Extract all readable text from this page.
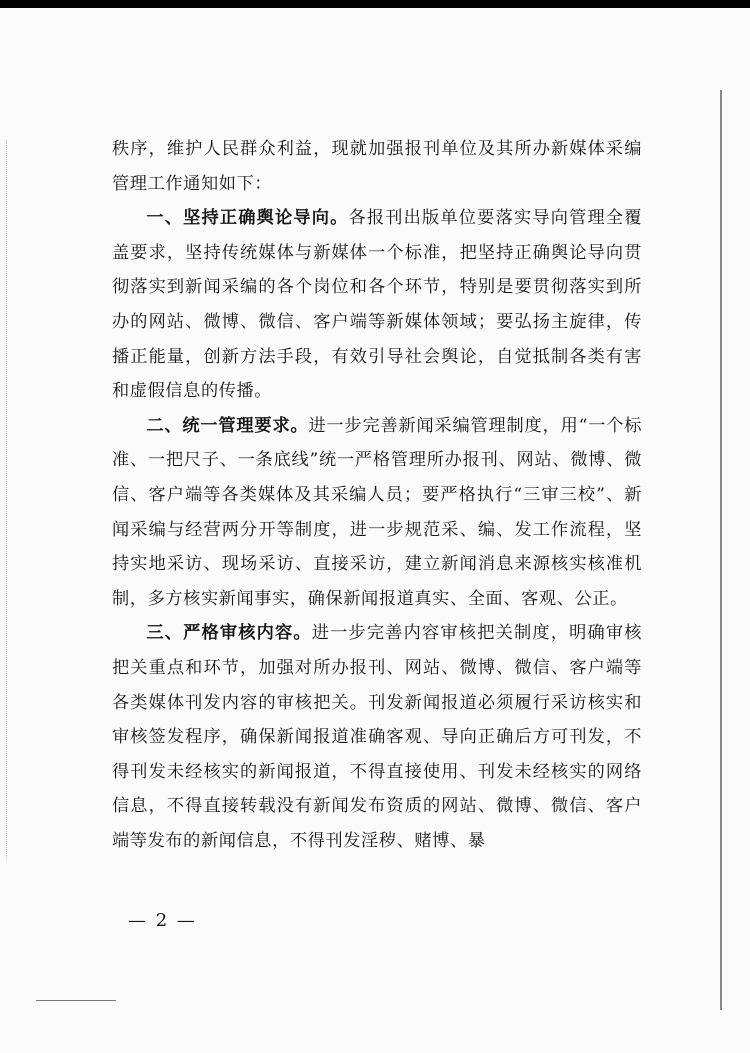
秩序，维护人民群众利益，现就加强报刊单位及其所办新媒体采编管理工作通知如下：

一、坚持正确舆论导向。各报刊出版单位要落实导向管理全覆盖要求，坚持传统媒体与新媒体一个标准，把坚持正确舆论导向贯彻落实到新闻采编的各个岗位和各个环节，特别是要贯彻落实到所办的网站、微博、微信、客户端等新媒体领域；要弘扬主旋律，传播正能量，创新方法手段，有效引导社会舆论，自觉抵制各类有害和虚假信息的传播。

二、统一管理要求。进一步完善新闻采编管理制度，用“一个标准、一把尺子、一条底线”统一严格管理所办报刊、网站、微博、微信、客户端等各类媒体及其采编人员；要严格执行“三审三校”、新闻采编与经营两分开等制度，进一步规范采、编、发工作流程，坚持实地采访、现场采访、直接采访，建立新闻消息来源核实核准机制，多方核实新闻事实，确保新闻报道真实、全面、客观、公正。

三、严格审核内容。进一步完善内容审核把关制度，明确审核把关重点和环节，加强对所办报刊、网站、微博、微信、客户端等各类媒体刊发内容的审核把关。刊发新闻报道必须履行采访核实和审核签发程序，确保新闻报道准确客观、导向正确后方可刊发，不得刊发未经核实的新闻报道，不得直接使用、刊发未经核实的网络信息，不得直接转载没有新闻发布资质的网站、微博、微信、客户端等发布的新闻信息，不得刊发淫秽、赌博、暴

— 2 —
